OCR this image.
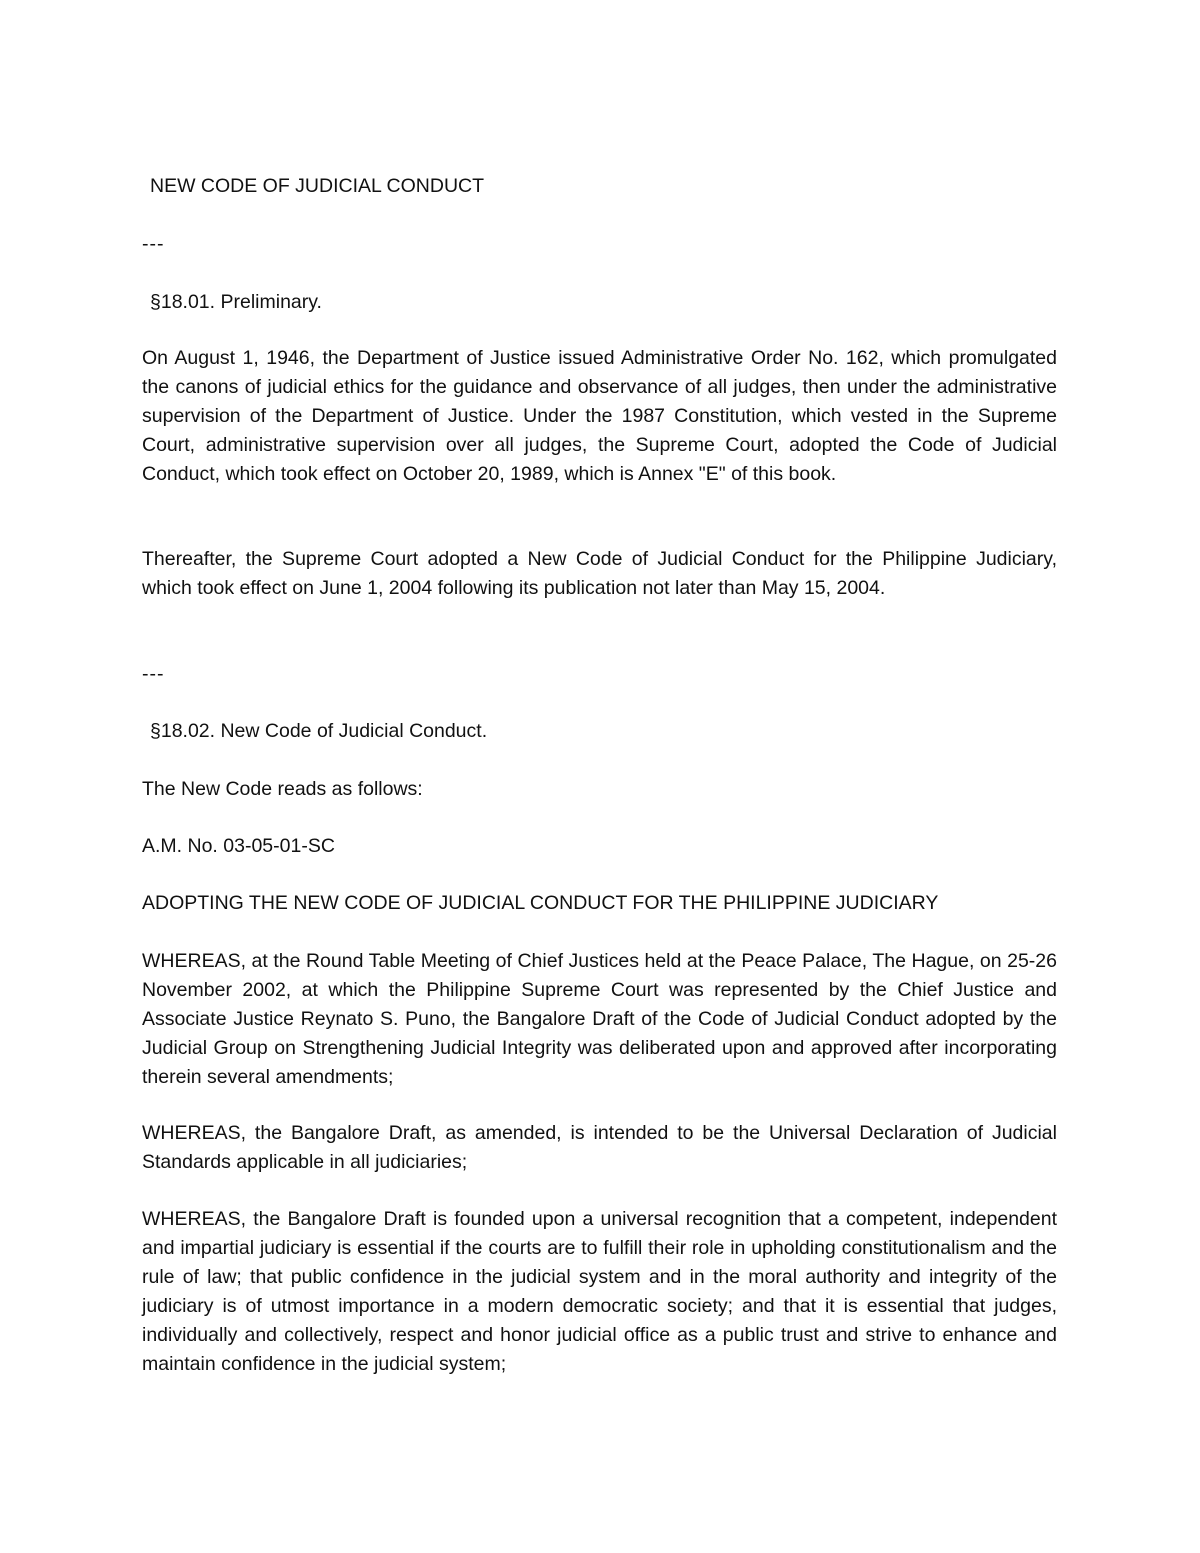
NEW CODE OF JUDICIAL CONDUCT

---

§18.01. Preliminary.

On August 1, 1946, the Department of Justice issued Administrative Order No. 162, which promulgated the canons of judicial ethics for the guidance and observance of all judges, then under the administrative supervision of the Department of Justice. Under the 1987 Constitution, which vested in the Supreme Court, administrative supervision over all judges, the Supreme Court, adopted the Code of Judicial Conduct, which took effect on October 20, 1989, which is Annex "E" of this book.

Thereafter, the Supreme Court adopted a New Code of Judicial Conduct for the Philippine Judiciary, which took effect on June 1, 2004 following its publication not later than May 15, 2004.

---

§18.02. New Code of Judicial Conduct.

The New Code reads as follows:

A.M. No. 03-05-01-SC

ADOPTING THE NEW CODE OF JUDICIAL CONDUCT FOR THE PHILIPPINE JUDICIARY

WHEREAS, at the Round Table Meeting of Chief Justices held at the Peace Palace, The Hague, on 25-26 November 2002, at which the Philippine Supreme Court was represented by the Chief Justice and Associate Justice Reynato S. Puno, the Bangalore Draft of the Code of Judicial Conduct adopted by the Judicial Group on Strengthening Judicial Integrity was deliberated upon and approved after incorporating therein several amendments;

WHEREAS, the Bangalore Draft, as amended, is intended to be the Universal Declaration of Judicial Standards applicable in all judiciaries;

WHEREAS, the Bangalore Draft is founded upon a universal recognition that a competent, independent and impartial judiciary is essential if the courts are to fulfill their role in upholding constitutionalism and the rule of law; that public confidence in the judicial system and in the moral authority and integrity of the judiciary is of utmost importance in a modern democratic society; and that it is essential that judges, individually and collectively, respect and honor judicial office as a public trust and strive to enhance and maintain confidence in the judicial system;
